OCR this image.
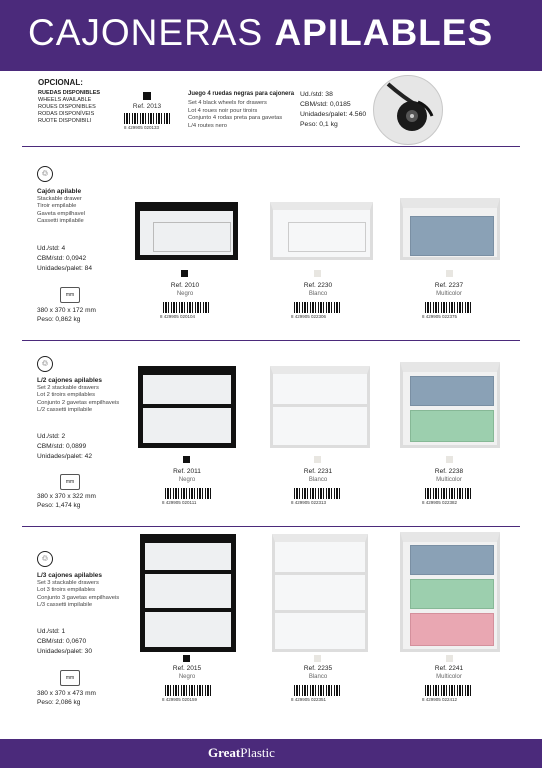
CAJONERAS APILABLES
OPCIONAL:
RUEDAS DISPONIBLES
WHEELS AVAILABLE
ROUES DISPONIBLES
RODAS DISPONÍVEIS
RUOTE DISPONIBILI
Ref. 2013
8 429905 020133
Juego 4 ruedas negras para cajonera
Set 4 black wheels for drawers
Lot 4 roues noir pour tiroirs
Conjunto 4 rodas preta para gavetas
L/4 routes nero
Ud./std: 38
CBM/std: 0,0185
Unidades/palet: 4.560
Peso: 0,1 kg
♲
Cajón apilable
Stackable drawer
Tiroir empilable
Gaveta empilhavel
Cassetti impilabile
Ud./std: 4
CBM/std: 0,0942
Unidades/palet: 84
mm
380 x 370 x 172 mm
Peso: 0,862 kg
Ref. 2010
Negro
Ref. 2230
Blanco
Ref. 2237
Multicolor
8 429905 020104	8 429905 022306	8 429905 022375
♲
L/2 cajones apilables
Set 2 stackable drawers
Lot 2 tiroirs empilables
Conjunto 2 gavetas empilhaveis
L/2 cassetti impilabile
Ud./std: 2
CBM/std: 0,0899
Unidades/palet: 42
mm
380 x 370 x 322 mm
Peso: 1,474 kg
Ref. 2011
Negro
Ref. 2231
Blanco
Ref. 2238
Multicolor
8 429905 020111	8 429905 022313	8 429905 022382
♲
L/3 cajones apilables
Set 3 stackable drawers
Lot 3 tiroirs empilables
Conjunto 3 gavetas empilhaveis
L/3 cassetti impilabile
Ud./std: 1
CBM/std: 0,0670
Unidades/palet: 30
mm
380 x 370 x 473 mm
Peso: 2,086 kg
Ref. 2015
Negro
Ref. 2235
Blanco
Ref. 2241
Multicolor
8 429905 020159	8 429905 022351	8 429905 022412
GreatPlastic
